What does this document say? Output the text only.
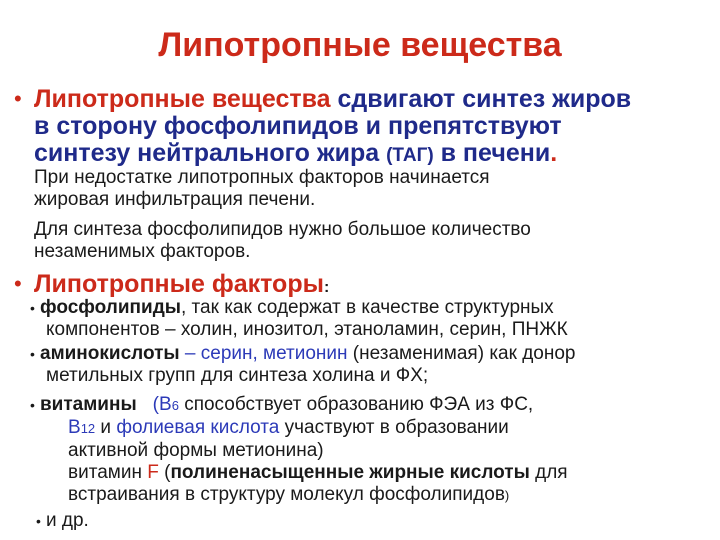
Липотропные вещества
• Липотропные вещества сдвигают синтез жиров
в сторону фосфолипидов и препятствуют
синтезу нейтрального жира (ТАГ) в печени.
При недостатке липотропных факторов начинается
жировая инфильтрация печени.
Для синтеза фосфолипидов нужно большое количество
незаменимых факторов.
• Липотропные факторы:
• фосфолипиды, так как содержат в качестве структурных
компонентов – холин, инозитол, этаноламин, серин, ПНЖК
• аминокислоты – серин, метионин (незаменимая) как донор
метильных групп для синтеза холина и ФХ;
• витамины (В6 способствует образованию ФЭА из ФС,
В12 и фолиевая кислота участвуют в образовании
активной формы метионина)
витамин F (полиненасыщенные жирные кислоты для
встраивания в структуру молекул фосфолипидов)
• и др.
